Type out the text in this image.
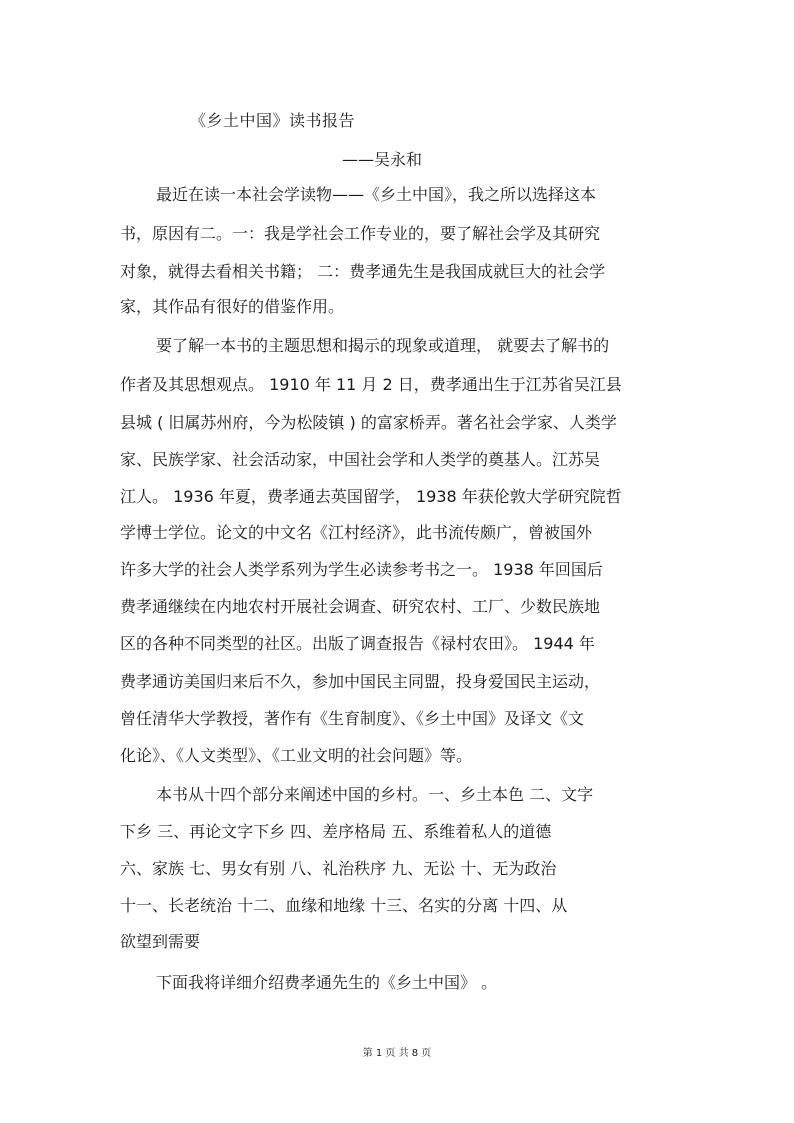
《乡土中国》读书报告
——吴永和
最近在读一本社会学读物——《乡土中国》，我之所以选择这本
书，原因有二。一：我是学社会工作专业的，要了解社会学及其研究
对象，就得去看相关书籍； 二：费孝通先生是我国成就巨大的社会学
家，其作品有很好的借鉴作用。
要了解一本书的主题思想和揭示的现象或道理， 就要去了解书的
作者及其思想观点。 1910 年 11 月 2 日，费孝通出生于江苏省吴江县
县城 ( 旧属苏州府，今为松陵镇 ) 的富家桥弄。著名社会学家、人类学
家、民族学家、社会活动家，中国社会学和人类学的奠基人。江苏吴
江人。 1936 年夏，费孝通去英国留学， 1938 年获伦敦大学研究院哲
学博士学位。论文的中文名《江村经济》，此书流传颇广，曾被国外
许多大学的社会人类学系列为学生必读参考书之一。 1938 年回国后
费孝通继续在内地农村开展社会调查、研究农村、工厂、少数民族地
区的各种不同类型的社区。出版了调查报告《禄村农田》。 1944 年
费孝通访美国归来后不久，参加中国民主同盟，投身爱国民主运动，
曾任清华大学教授，著作有《生育制度》、《乡土中国》及译文《文
化论》、《人文类型》、《工业文明的社会问题》等。
本书从十四个部分来阐述中国的乡村。一、乡土本色 二、文字
下乡 三、再论文字下乡 四、差序格局 五、系维着私人的道德
六、家族 七、男女有别 八、礼治秩序 九、无讼 十、无为政治
十一、长老统治 十二、血缘和地缘 十三、名实的分离 十四、从
欲望到需要
下面我将详细介绍费孝通先生的《乡土中国》 。
第 1 页 共 8 页
